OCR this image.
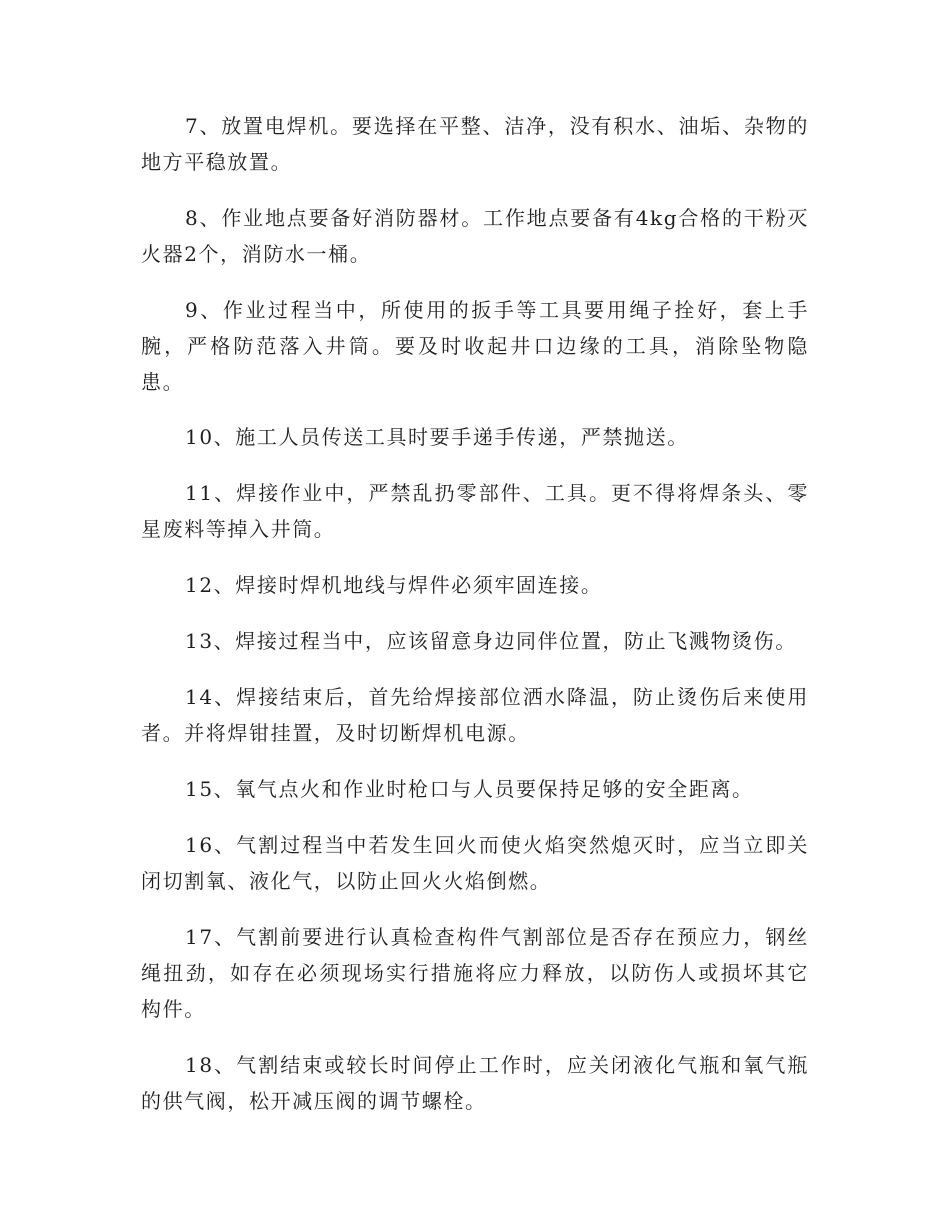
7、放置电焊机。要选择在平整、洁净，没有积水、油垢、杂物的地方平稳放置。

8、作业地点要备好消防器材。工作地点要备有4kg合格的干粉灭火器2个，消防水一桶。

9、作业过程当中，所使用的扳手等工具要用绳子拴好，套上手腕，严格防范落入井筒。要及时收起井口边缘的工具，消除坠物隐患。

10、施工人员传送工具时要手递手传递，严禁抛送。

11、焊接作业中，严禁乱扔零部件、工具。更不得将焊条头、零星废料等掉入井筒。

12、焊接时焊机地线与焊件必须牢固连接。

13、焊接过程当中，应该留意身边同伴位置，防止飞溅物烫伤。

14、焊接结束后，首先给焊接部位洒水降温，防止烫伤后来使用者。并将焊钳挂置，及时切断焊机电源。

15、氧气点火和作业时枪口与人员要保持足够的安全距离。

16、气割过程当中若发生回火而使火焰突然熄灭时，应当立即关闭切割氧、液化气，以防止回火火焰倒燃。

17、气割前要进行认真检查构件气割部位是否存在预应力，钢丝绳扭劲，如存在必须现场实行措施将应力释放，以防伤人或损坏其它构件。

18、气割结束或较长时间停止工作时，应关闭液化气瓶和氧气瓶的供气阀，松开减压阀的调节螺栓。
